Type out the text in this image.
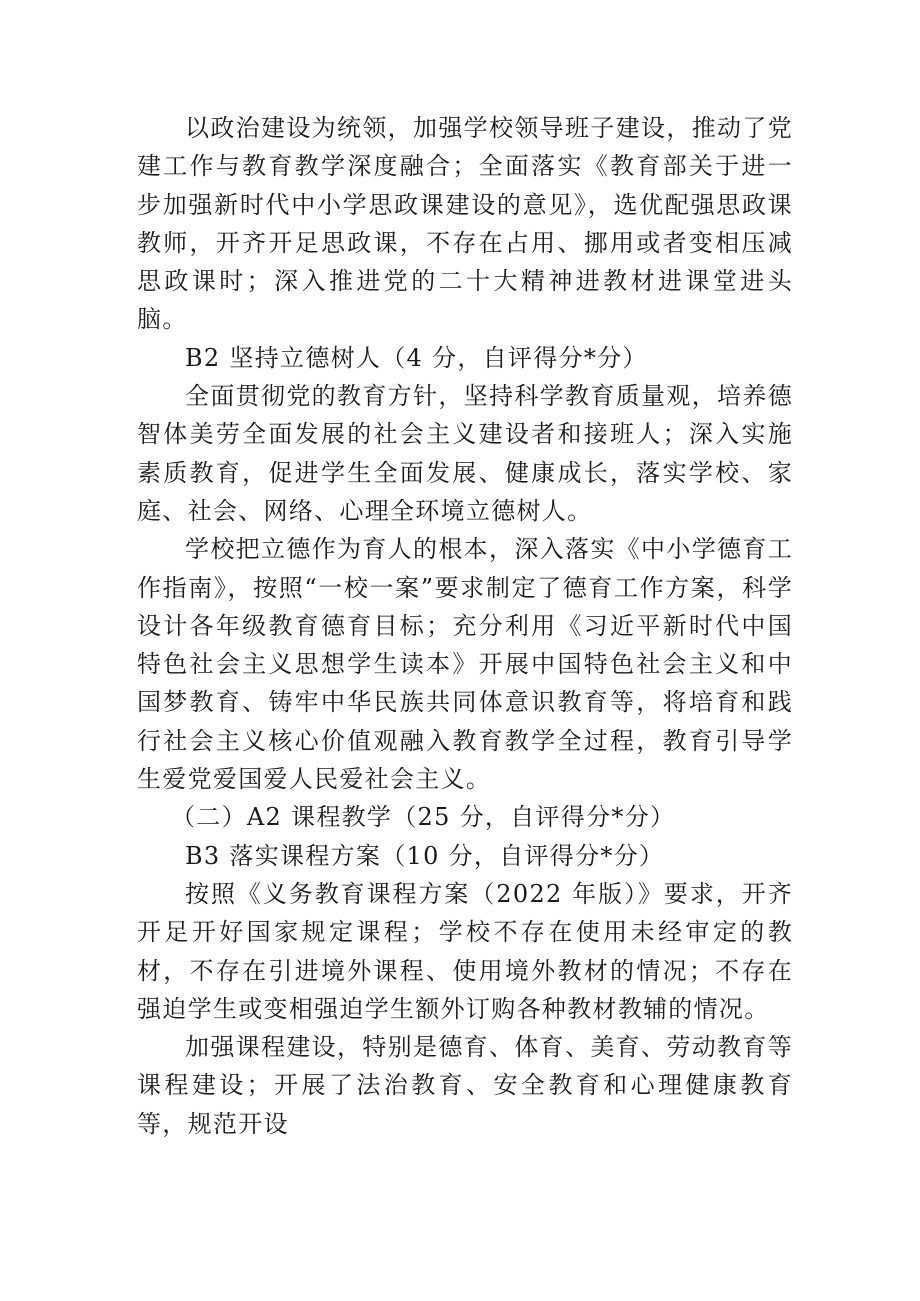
以政治建设为统领，加强学校领导班子建设，推动了党建工作与教育教学深度融合；全面落实《教育部关于进一步加强新时代中小学思政课建设的意见》，选优配强思政课教师，开齐开足思政课，不存在占用、挪用或者变相压减思政课时；深入推进党的二十大精神进教材进课堂进头脑。

B2 坚持立德树人（4 分，自评得分*分）

全面贯彻党的教育方针，坚持科学教育质量观，培养德智体美劳全面发展的社会主义建设者和接班人；深入实施素质教育，促进学生全面发展、健康成长，落实学校、家庭、社会、网络、心理全环境立德树人。

学校把立德作为育人的根本，深入落实《中小学德育工作指南》，按照“一校一案”要求制定了德育工作方案，科学设计各年级教育德育目标；充分利用《习近平新时代中国特色社会主义思想学生读本》开展中国特色社会主义和中国梦教育、铸牢中华民族共同体意识教育等，将培育和践行社会主义核心价值观融入教育教学全过程，教育引导学生爱党爱国爱人民爱社会主义。

（二）A2 课程教学（25 分，自评得分*分）

B3 落实课程方案（10 分，自评得分*分）

按照《义务教育课程方案（2022 年版）》要求，开齐开足开好国家规定课程；学校不存在使用未经审定的教材，不存在引进境外课程、使用境外教材的情况；不存在强迫学生或变相强迫学生额外订购各种教材教辅的情况。

加强课程建设，特别是德育、体育、美育、劳动教育等课程建设；开展了法治教育、安全教育和心理健康教育等，规范开设
